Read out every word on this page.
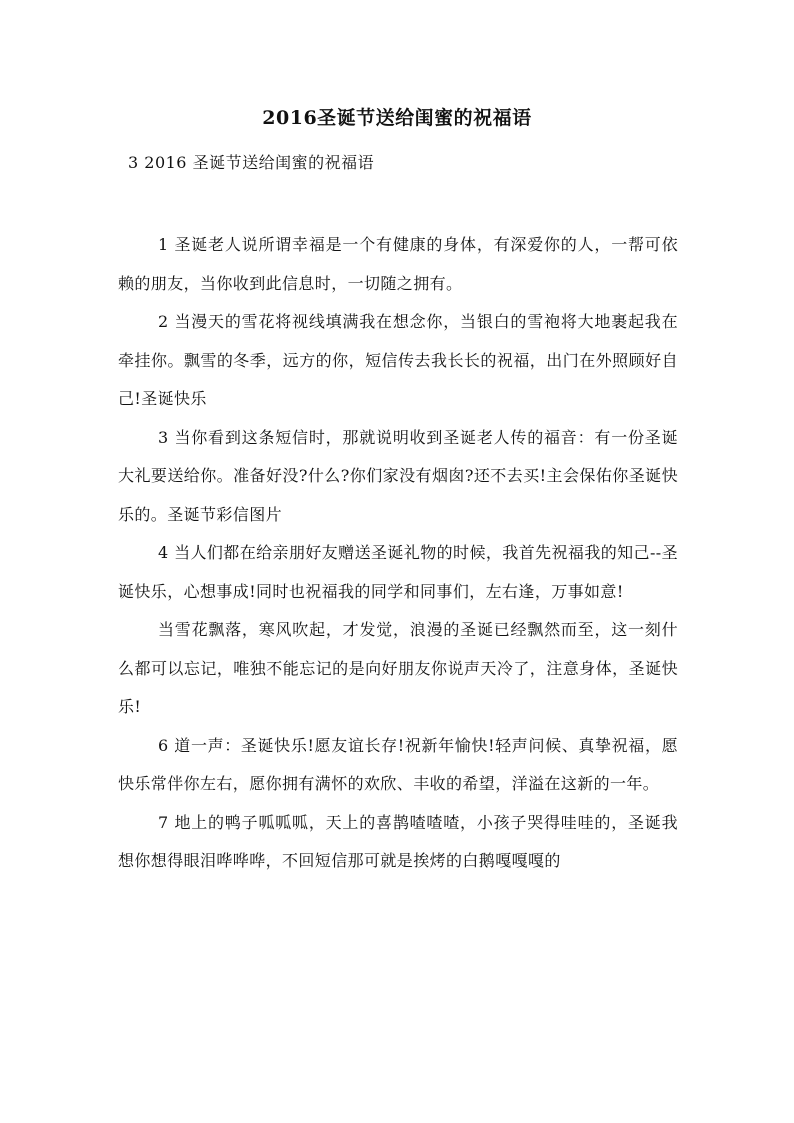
2016圣诞节送给闺蜜的祝福语
3 2016 圣诞节送给闺蜜的祝福语

1 圣诞老人说所谓幸福是一个有健康的身体，有深爱你的人，一帮可依赖的朋友，当你收到此信息时，一切随之拥有。

2 当漫天的雪花将视线填满我在想念你，当银白的雪袍将大地裹起我在牵挂你。飘雪的冬季，远方的你，短信传去我长长的祝福，出门在外照顾好自己!圣诞快乐

3 当你看到这条短信时，那就说明收到圣诞老人传的福音：有一份圣诞大礼要送给你。准备好没?什么?你们家没有烟囱?还不去买!主会保佑你圣诞快乐的。圣诞节彩信图片

4 当人们都在给亲朋好友赠送圣诞礼物的时候，我首先祝福我的知己--圣诞快乐，心想事成!同时也祝福我的同学和同事们，左右逢，万事如意!

当雪花飘落，寒风吹起，才发觉，浪漫的圣诞已经飘然而至，这一刻什么都可以忘记，唯独不能忘记的是向好朋友你说声天冷了，注意身体，圣诞快乐!

6 道一声：圣诞快乐!愿友谊长存!祝新年愉快!轻声问候、真挚祝福，愿快乐常伴你左右，愿你拥有满怀的欢欣、丰收的希望，洋溢在这新的一年。

7 地上的鸭子呱呱呱，天上的喜鹊喳喳喳，小孩子哭得哇哇的，圣诞我想你想得眼泪哗哗哗，不回短信那可就是挨烤的白鹅嘎嘎嘎的
